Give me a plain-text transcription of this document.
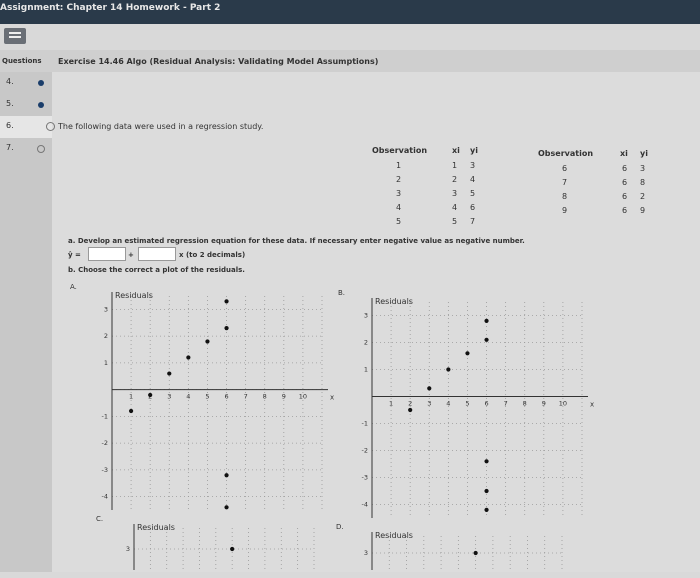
Assignment: Chapter 14 Homework - Part 2
Questions Exercise 14.46 Algo (Residual Analysis: Validating Model Assumptions)
4.
5.
6.
7.
The following data were used in a regression study.
Observation	xi yi
1	1 3
2	2 4
3	3 5
4	4 6
5	5 7
Observation	xi yi
6	6 3
7	6 8
8	6 2
9	6 9
a. Develop an estimated regression equation for these data. If necessary enter negative value as negative number.
ŷ =	+	x (to 2 decimals)
b. Choose the correct a plot of the residuals.
A.
B.
C.
D.
x
Residuals
1	3 4 5 6 7 8 9 10
-4
-3
-2
-1
1
2
3
x
Residuals
1 2 3 4 5 6 7 8 9 10
-4
-3
-2
-1
1
2
3
Residuals
3
Residuals
3
